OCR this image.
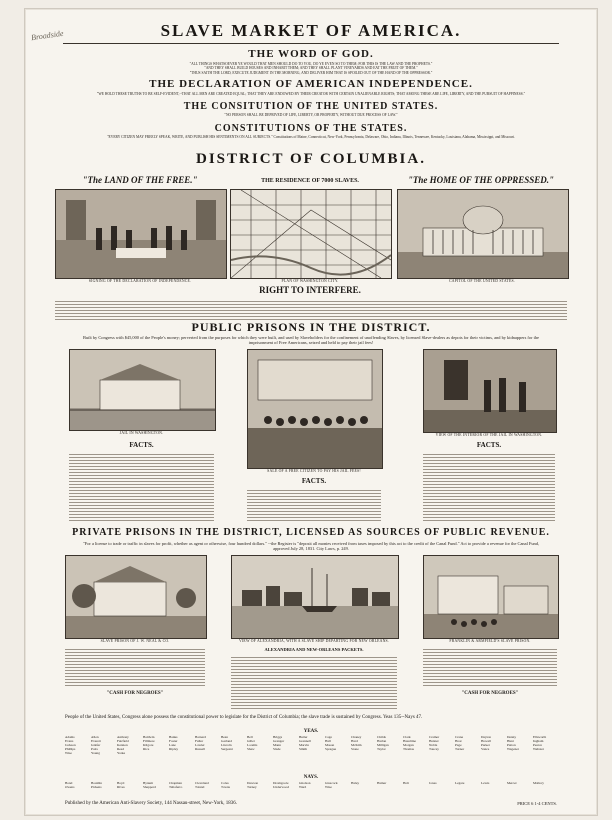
Broadside	SLAVE MARKET OF AMERICA.
THE WORD OF GOD.
"ALL THINGS WHATSOEVER YE WOULD THAT MEN SHOULD DO TO YOU, DO YE EVEN SO TO THEM; FOR THIS IS THE LAW AND THE PROPHETS."
"AND THEY SHALL BUILD HOUSES AND INHABIT THEM; AND THEY SHALL PLANT VINEYARDS AND EAT THE FRUIT OF THEM."
"THUS SAITH THE LORD, EXECUTE JUDGMENT IN THE MORNING, AND DELIVER HIM THAT IS SPOILED OUT OF THE HAND OF THE OPPRESSOR."
THE DECLARATION OF AMERICAN INDEPENDENCE.
"WE HOLD THESE TRUTHS TO BE SELF-EVIDENT,--THAT ALL MEN ARE CREATED EQUAL; THAT THEY ARE ENDOWED BY THEIR CREATOR WITH CERTAIN UNALIENABLE RIGHTS; THAT AMONG THESE ARE LIFE, LIBERTY, AND THE PURSUIT OF HAPPINESS."
THE CONSITUTION OF THE UNITED STATES.
"NO PERSON SHALL BE DEPRIVED OF LIFE, LIBERTY, OR PROPERTY, WITHOUT DUE PROCESS OF LAW."
CONSTITUTIONS OF THE STATES.
"EVERY CITIZEN MAY FREELY SPEAK, WRITE, AND PUBLISH HIS SENTIMENTS ON ALL SUBJECTS." Constitutions of Maine, Connecticut, New-York, Pennsylvania, Delaware, Ohio, Indiana, Illinois, Tennessee, Kentucky, Louisiana, Alabama, Mississippi, and Missouri.
DISTRICT OF COLUMBIA.
"The LAND OF THE FREE."	THE RESIDENCE OF 7000 SLAVES.	"The HOME OF THE OPPRESSED."
SIGNING OF THE DECLARATION OF INDEPENDENCE.	PLAN OF WASHINGTON CITY.	CAPITOL OF THE UNITED STATES.
RIGHT TO INTERFERE.
PUBLIC PRISONS IN THE DISTRICT.
Built by Congress with $45,000 of the People's money; perverted from the purposes for which they were built, and used by Slaveholders for the confinement of unoffending Slaves, by licensed Slave-dealers as depots for their victims, and by kidnappers for the imprisonment of Free Americans, seized and held to pay their jail fees!
JAIL IN WASHINGTON.
SALE OF A FREE CITIZEN TO PAY HIS JAIL FEES!
VIEW OF THE INTERIOR OF THE JAIL IN WASHINGTON.
FACTS.
FACTS.
FACTS.
PRIVATE PRISONS IN THE DISTRICT, LICENSED AS SOURCES OF PUBLIC REVENUE.
"For a license to trade or traffic in slaves for profit, whether as agent or otherwise, four hundred dollars." --the Register is "deposit all monies received from taxes imposed by this act to the credit of the Canal Fund." Act to provide a revenue for the Canal Fund, approved July 28, 1831. City Laws, p. 249.
SLAVE PRISON OF J. W. NEAL & CO.	VIEW OF ALEXANDRIA, WITH A SLAVE SHIP DEPARTING FOR NEW ORLEANS.	FRANKLIN & ARMFIELD'S SLAVE PRISON.
"CASH FOR NEGROES"
ALEXANDRIA AND NEW-ORLEANS PACKETS.
"CASH FOR NEGROES"
People of the United States, Congress alone possess the constitutional power to legislate for the District of Columbia; the slave trade is sustained by Congress. Yeas 135--Nays 47.
YEAS.
Adams	Allen	Anthony	Baldwin	Banks	Barnard	Bean	Bell	Briggs	Butler	Cage	Chaney	Childs	Clark	Cramer	Crane	Dayton	Denny	Ellsworth
Evans	Everett	Fairfield	Fillmore	Foster	Fuller	Garland	Gillet	Granger	Grennell	Hall	Hard	Harlan	Hazeltine	Heister	Hoar	Howell	Hunt	Ingham
Jackson	Jenifer	Kennon	Kilgore	Lane	Lawler	Lincoln	Loomis	Mann	Marvin	Mason	McKim	Milligan	Morgan	Noble	Page	Parker	Patton	Pearce
Phillips	Potts	Reed	Rice	Ripley	Russell	Sergeant	Shaw	Slade	Smith	Sprague	Stone	Taylor	Thomas	Toucey	Turner	Vance	Wagener	Webster
Wise	Young	Yorke
NAYS.
Bond	Bouldin	Boyd	Bynum	Chapman	Cleveland	Coles	Dawson	Dromgoole	Gholson	Glascock	Haley	Hamer	Holt	Jones	Legare	Lewis	Mercer	Mallory
Owens	Pickens	Rives	Shepperd	Taliaferro	Toland	Towns	Turney	Underwood	Ward	Wise
Published by the American Anti-Slavery Society, 144 Nassau-street, New-York, 1836.	PRICE 6 1-4 CENTS.
